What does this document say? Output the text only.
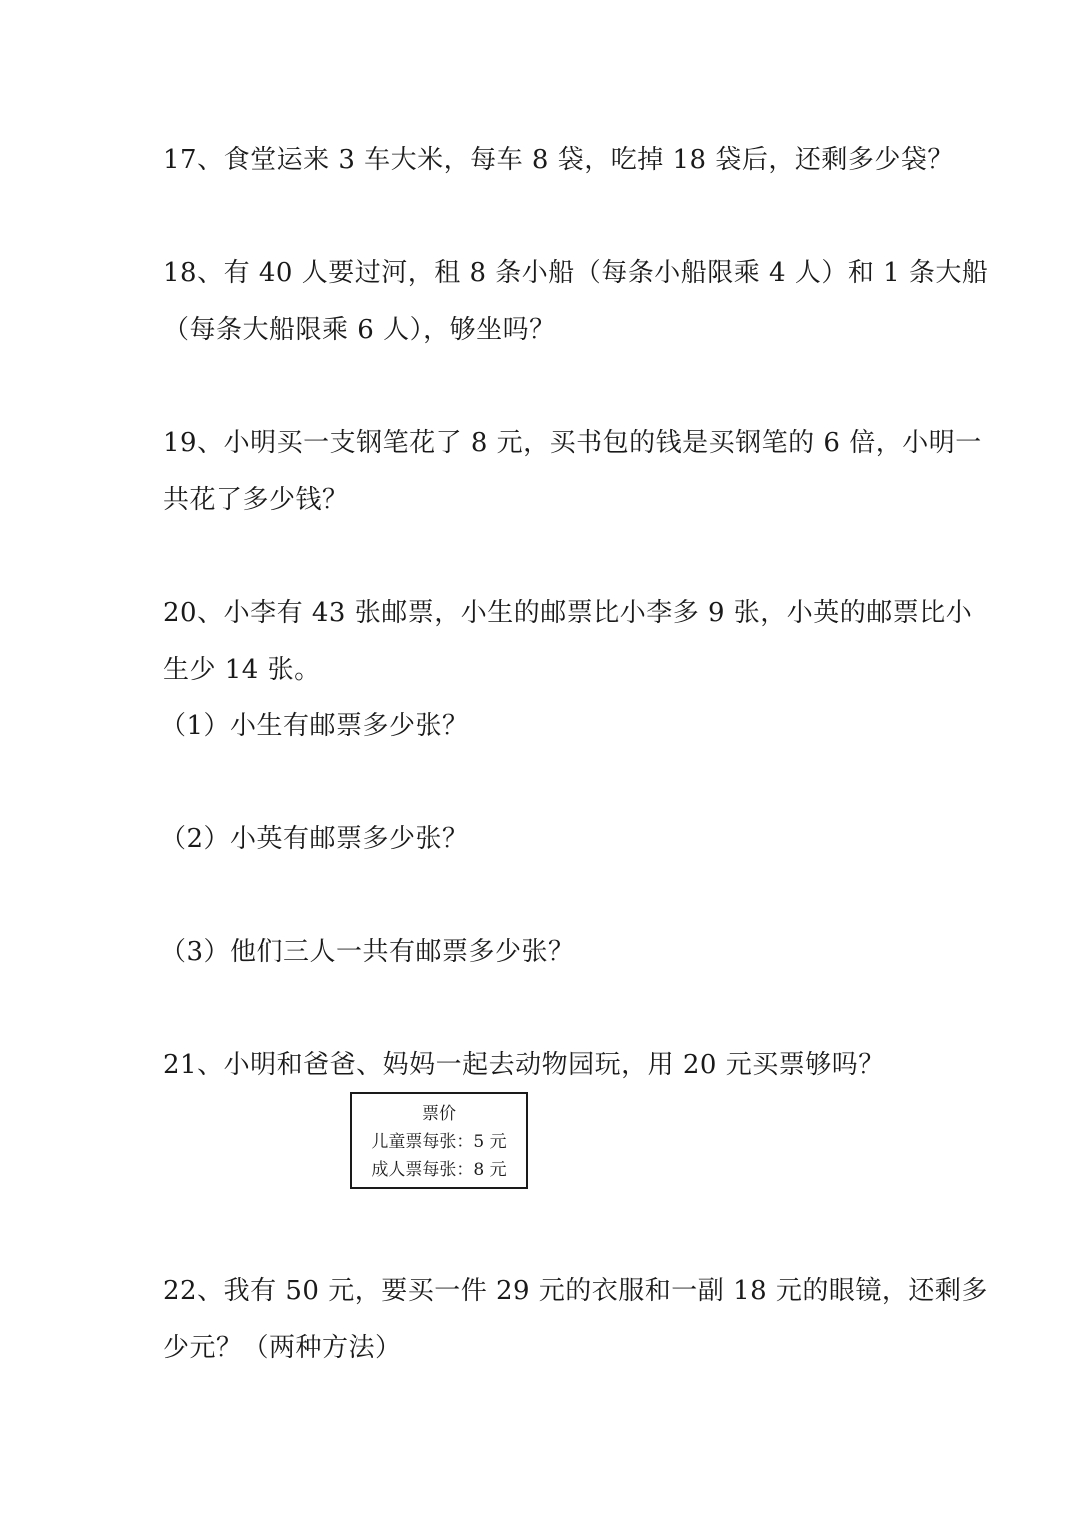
17、食堂运来 3 车大米，每车 8 袋，吃掉 18 袋后，还剩多少袋？
18、有 40 人要过河，租 8 条小船（每条小船限乘 4 人）和 1 条大船
（每条大船限乘 6 人），够坐吗？
19、小明买一支钢笔花了 8 元，买书包的钱是买钢笔的 6 倍，小明一
共花了多少钱？
20、小李有 43 张邮票，小生的邮票比小李多 9 张，小英的邮票比小
生少 14 张。
（1）小生有邮票多少张？
（2）小英有邮票多少张？
（3）他们三人一共有邮票多少张？
21、小明和爸爸、妈妈一起去动物园玩，用 20 元买票够吗？
票价
儿童票每张：5 元
成人票每张：8 元
22、我有 50 元，要买一件 29 元的衣服和一副 18 元的眼镜，还剩多
少元？（两种方法）
